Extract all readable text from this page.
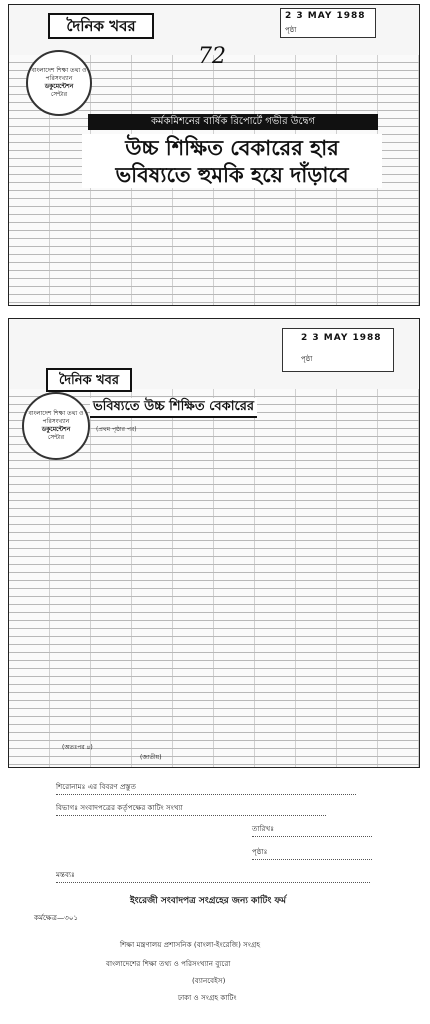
দৈনিক খবর
2 3 MAY 1988
পৃষ্ঠা
72
বাংলাদেশ শিক্ষা তথ্য ও পরিসংখ্যান
ডকুমেন্টেশন
সেন্টার
কর্মকমিশনের বার্ষিক রিপোর্টে গভীর উদ্বেগ
উচ্চ শিক্ষিত বেকারের হার
ভবিষ্যতে হুমকি হয়ে দাঁড়াবে
দৈনিক খবর
2 3 MAY 1988
পৃষ্ঠা
বাংলাদেশ শিক্ষা তথ্য ও পরিসংখ্যান
ডকুমেন্টেশন
সেন্টার
ভবিষ্যতে উচ্চ শিক্ষিত বেকারের
(প্রথম পৃষ্ঠার পর)
(অতঃপর ৪)
(জাতীয়)
শিরোনামঃ এর বিবরণ প্রস্তুত
বিভাগঃ সংবাদপত্রের কর্তৃপক্ষের কাটিং সংখ্যা
তারিখঃ
পৃষ্ঠাঃ
মন্তব্যঃ
কর্মক্ষেত্র—৩০১
ইংরেজী সংবাদপত্র সংগ্রহের জন্য কাটিং ফর্ম
শিক্ষা মন্ত্রণালয় প্রশাসনিক (বাংলা-ইংরেজি) সংগ্রহ
বাংলাদেশের শিক্ষা তথ্য ও পরিসংখ্যান ব্যুরো
(ব্যানবেইস)
ঢাকা ও সংগ্রহ কাটিং
